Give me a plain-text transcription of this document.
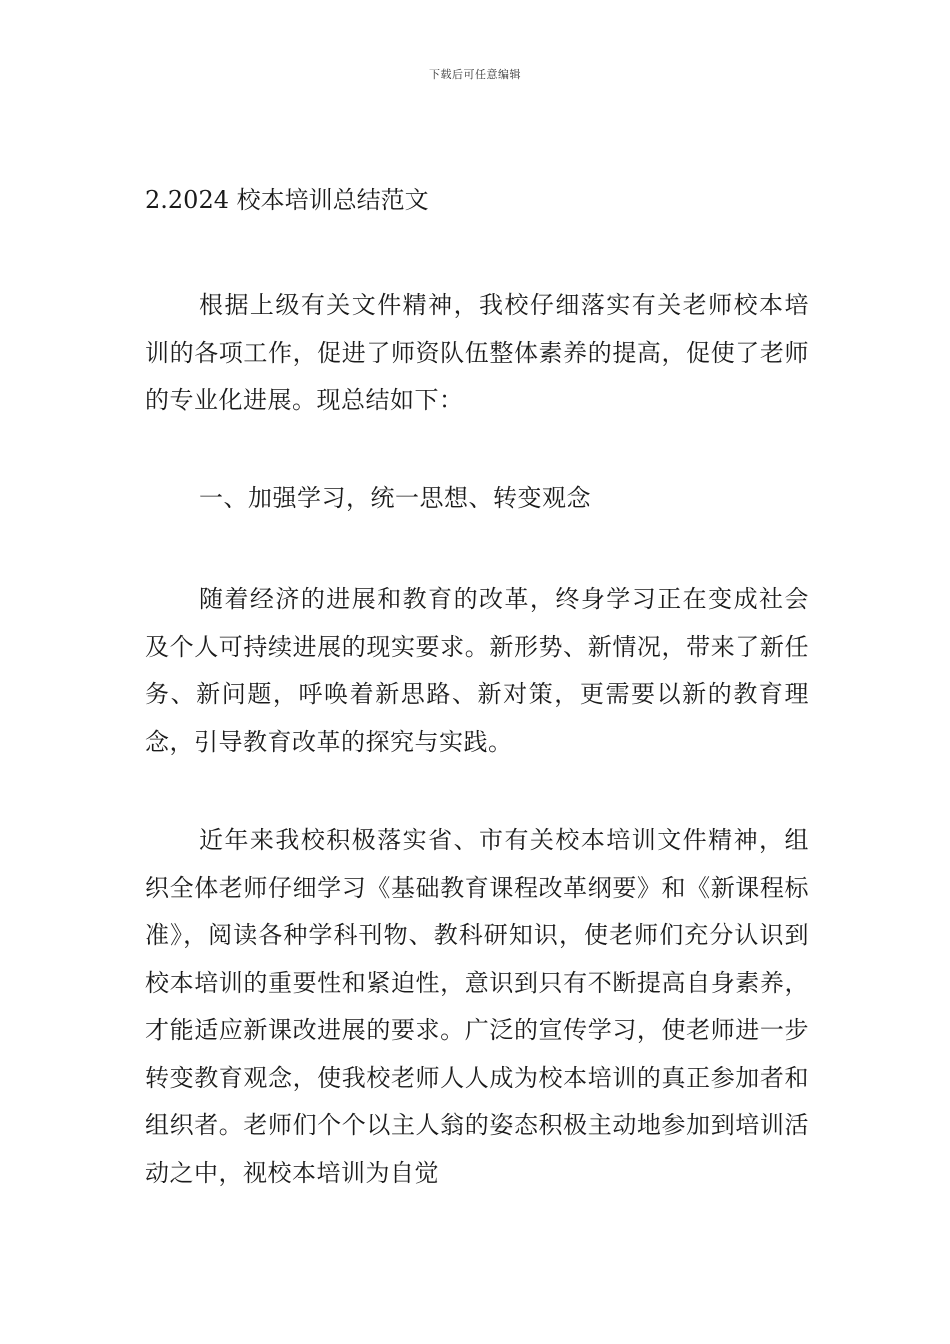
下载后可任意编辑
2.2024 校本培训总结范文

根据上级有关文件精神，我校仔细落实有关老师校本培训的各项工作，促进了师资队伍整体素养的提高，促使了老师的专业化进展。现总结如下：

一、加强学习，统一思想、转变观念

随着经济的进展和教育的改革，终身学习正在变成社会及个人可持续进展的现实要求。新形势、新情况，带来了新任务、新问题，呼唤着新思路、新对策，更需要以新的教育理念，引导教育改革的探究与实践。

近年来我校积极落实省、市有关校本培训文件精神，组织全体老师仔细学习《基础教育课程改革纲要》和《新课程标准》，阅读各种学科刊物、教科研知识，使老师们充分认识到校本培训的重要性和紧迫性，意识到只有不断提高自身素养，才能适应新课改进展的要求。广泛的宣传学习，使老师进一步转变教育观念，使我校老师人人成为校本培训的真正参加者和组织者。老师们个个以主人翁的姿态积极主动地参加到培训活动之中，视校本培训为自觉
